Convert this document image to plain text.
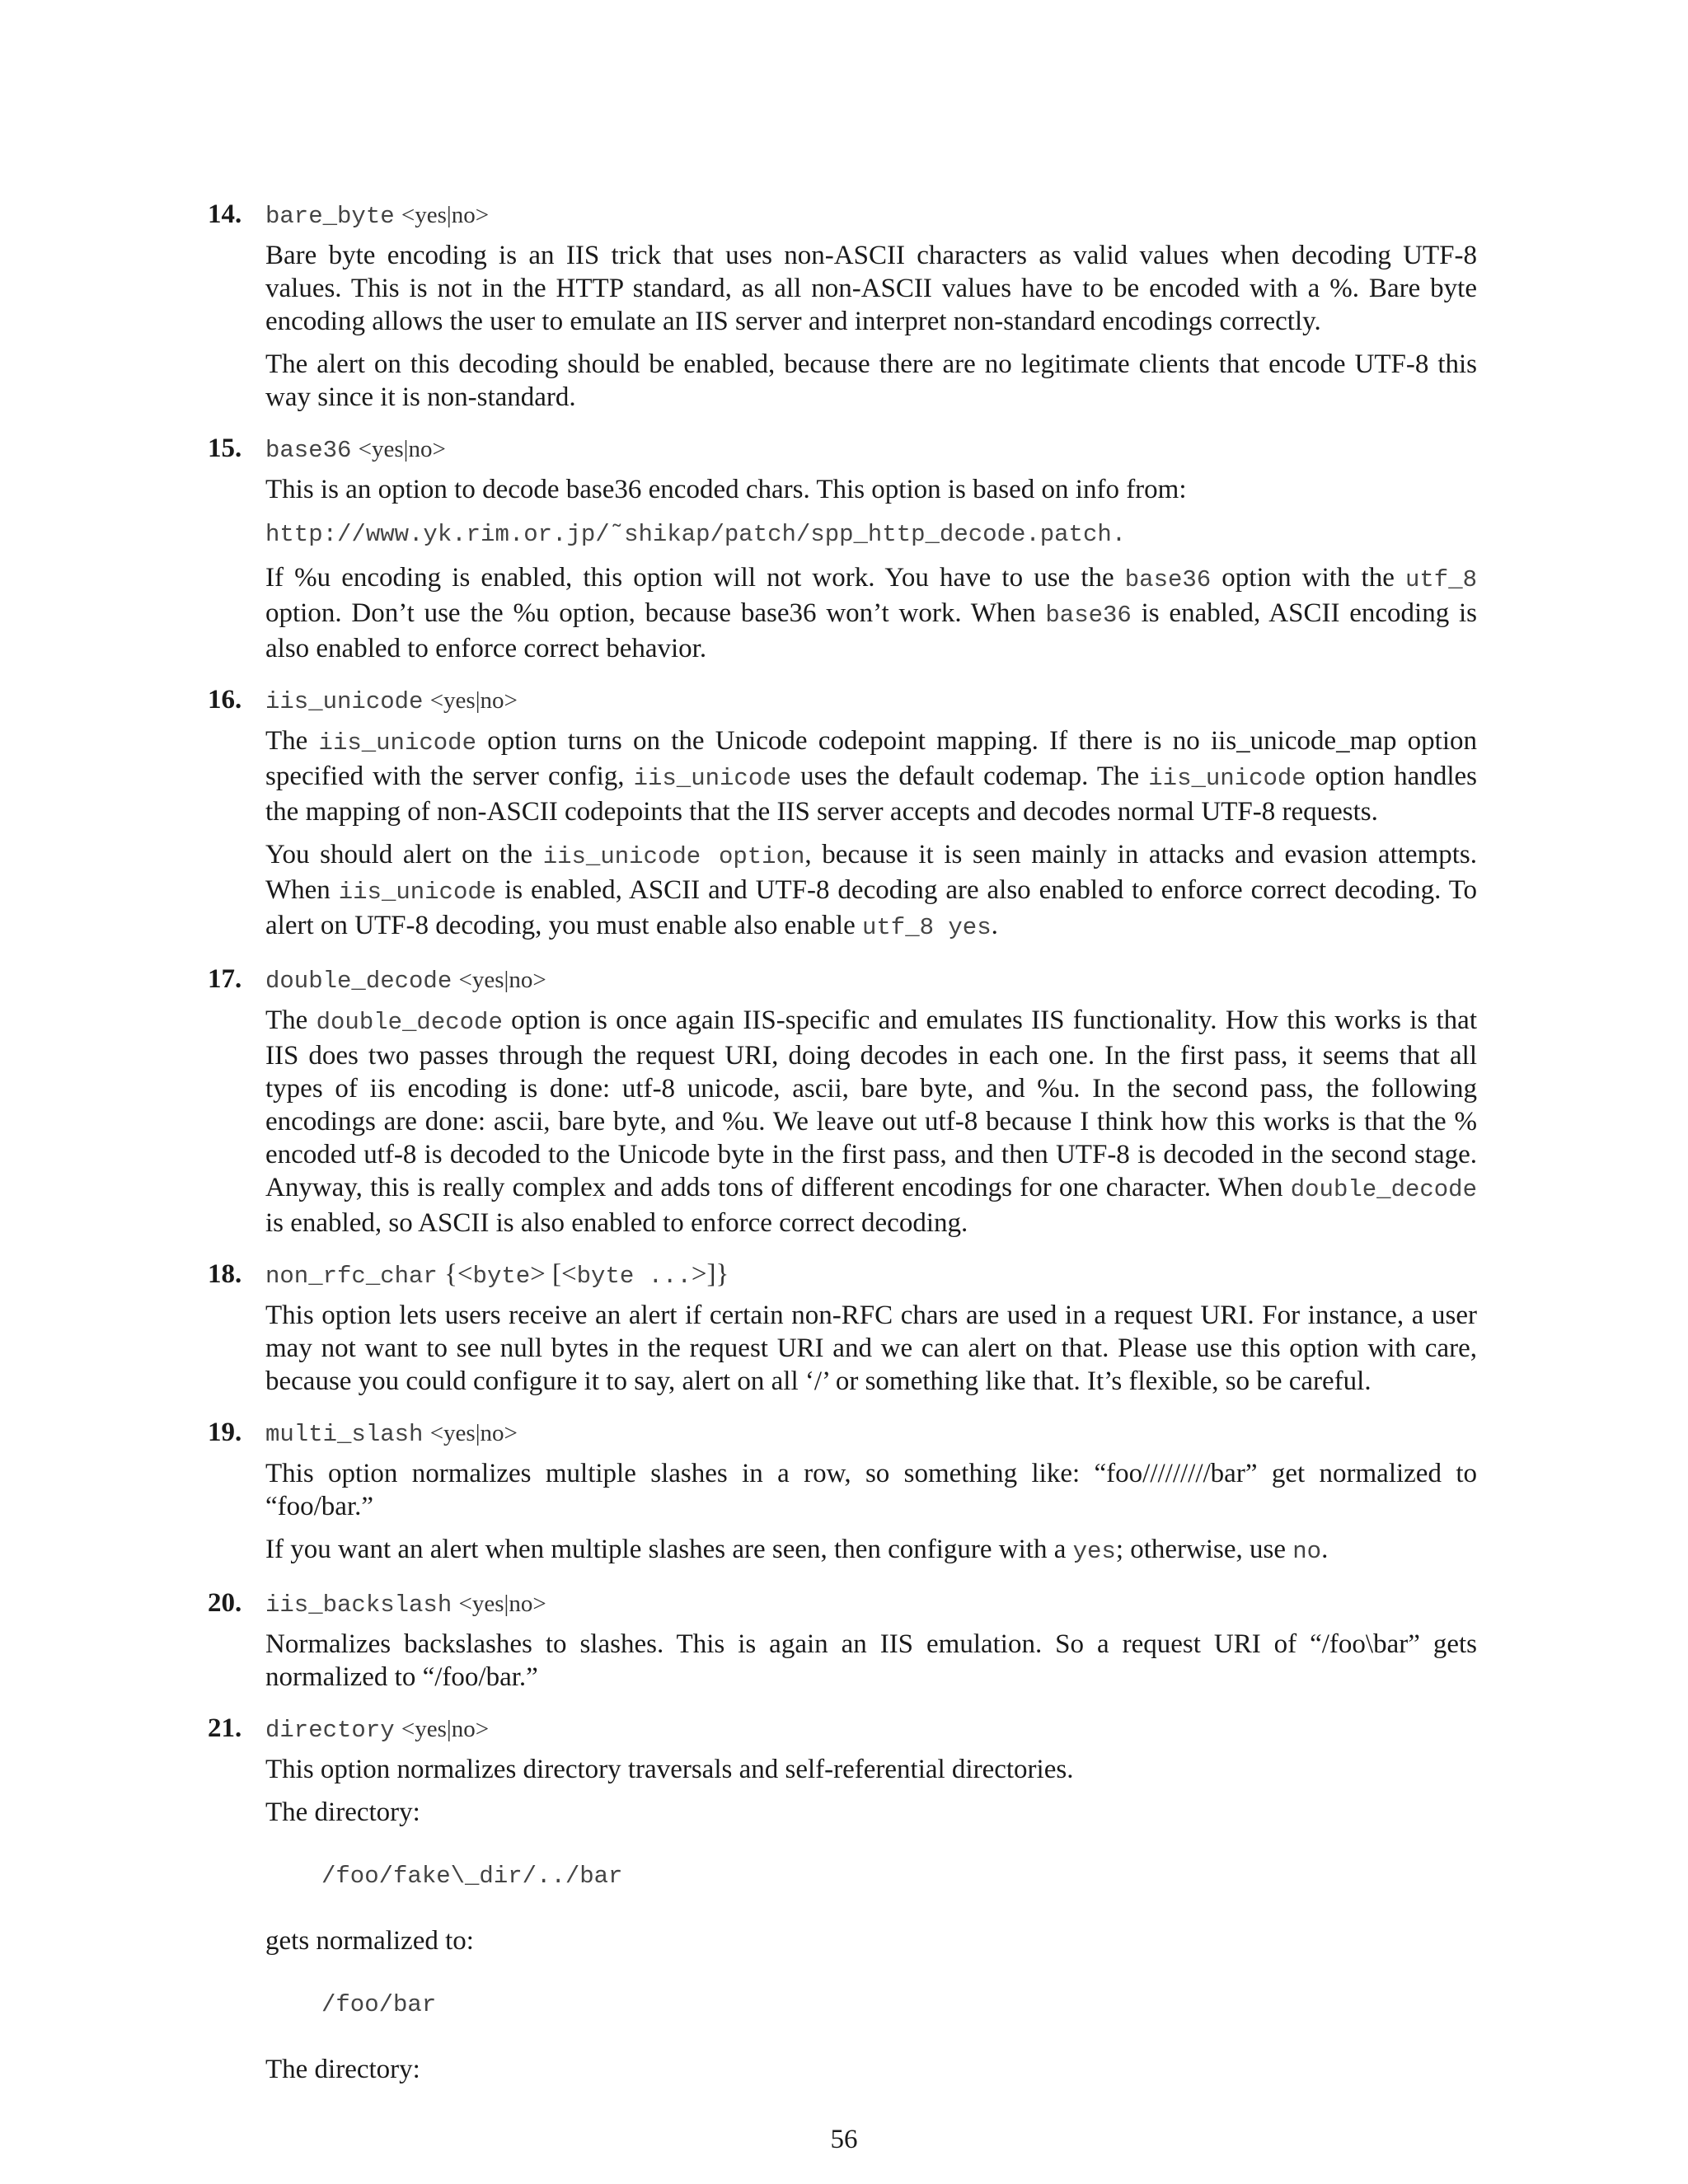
14. bare_byte <yes|no>

Bare byte encoding is an IIS trick that uses non-ASCII characters as valid values when decoding UTF-8 values. This is not in the HTTP standard, as all non-ASCII values have to be encoded with a %. Bare byte encoding allows the user to emulate an IIS server and interpret non-standard encodings correctly.

The alert on this decoding should be enabled, because there are no legitimate clients that encode UTF-8 this way since it is non-standard.

15. base36 <yes|no>

This is an option to decode base36 encoded chars. This option is based on info from:

http://www.yk.rim.or.jp/˜shikap/patch/spp_http_decode.patch.

If %u encoding is enabled, this option will not work. You have to use the base36 option with the utf_8 option. Don’t use the %u option, because base36 won’t work. When base36 is enabled, ASCII encoding is also enabled to enforce correct behavior.

16. iis_unicode <yes|no>

The iis_unicode option turns on the Unicode codepoint mapping. If there is no iis_unicode_map option specified with the server config, iis_unicode uses the default codemap. The iis_unicode option handles the mapping of non-ASCII codepoints that the IIS server accepts and decodes normal UTF-8 requests.

You should alert on the iis_unicode option, because it is seen mainly in attacks and evasion attempts. When iis_unicode is enabled, ASCII and UTF-8 decoding are also enabled to enforce correct decoding. To alert on UTF-8 decoding, you must enable also enable utf_8 yes.

17. double_decode <yes|no>

The double_decode option is once again IIS-specific and emulates IIS functionality. How this works is that IIS does two passes through the request URI, doing decodes in each one. In the first pass, it seems that all types of iis encoding is done: utf-8 unicode, ascii, bare byte, and %u. In the second pass, the following encodings are done: ascii, bare byte, and %u. We leave out utf-8 because I think how this works is that the % encoded utf-8 is decoded to the Unicode byte in the first pass, and then UTF-8 is decoded in the second stage. Anyway, this is really complex and adds tons of different encodings for one character. When double_decode is enabled, so ASCII is also enabled to enforce correct decoding.

18. non_rfc_char {<byte> [<byte ...>]}

This option lets users receive an alert if certain non-RFC chars are used in a request URI. For instance, a user may not want to see null bytes in the request URI and we can alert on that. Please use this option with care, because you could configure it to say, alert on all ‘/’ or something like that. It’s flexible, so be careful.

19. multi_slash <yes|no>

This option normalizes multiple slashes in a row, so something like: “foo/////////bar” get normalized to “foo/bar.”

If you want an alert when multiple slashes are seen, then configure with a yes; otherwise, use no.

20. iis_backslash <yes|no>

Normalizes backslashes to slashes. This is again an IIS emulation. So a request URI of “/foo\bar” gets normalized to “/foo/bar.”

21. directory <yes|no>

This option normalizes directory traversals and self-referential directories.

The directory:

/foo/fake\_dir/../bar

gets normalized to:

/foo/bar

The directory:

56
